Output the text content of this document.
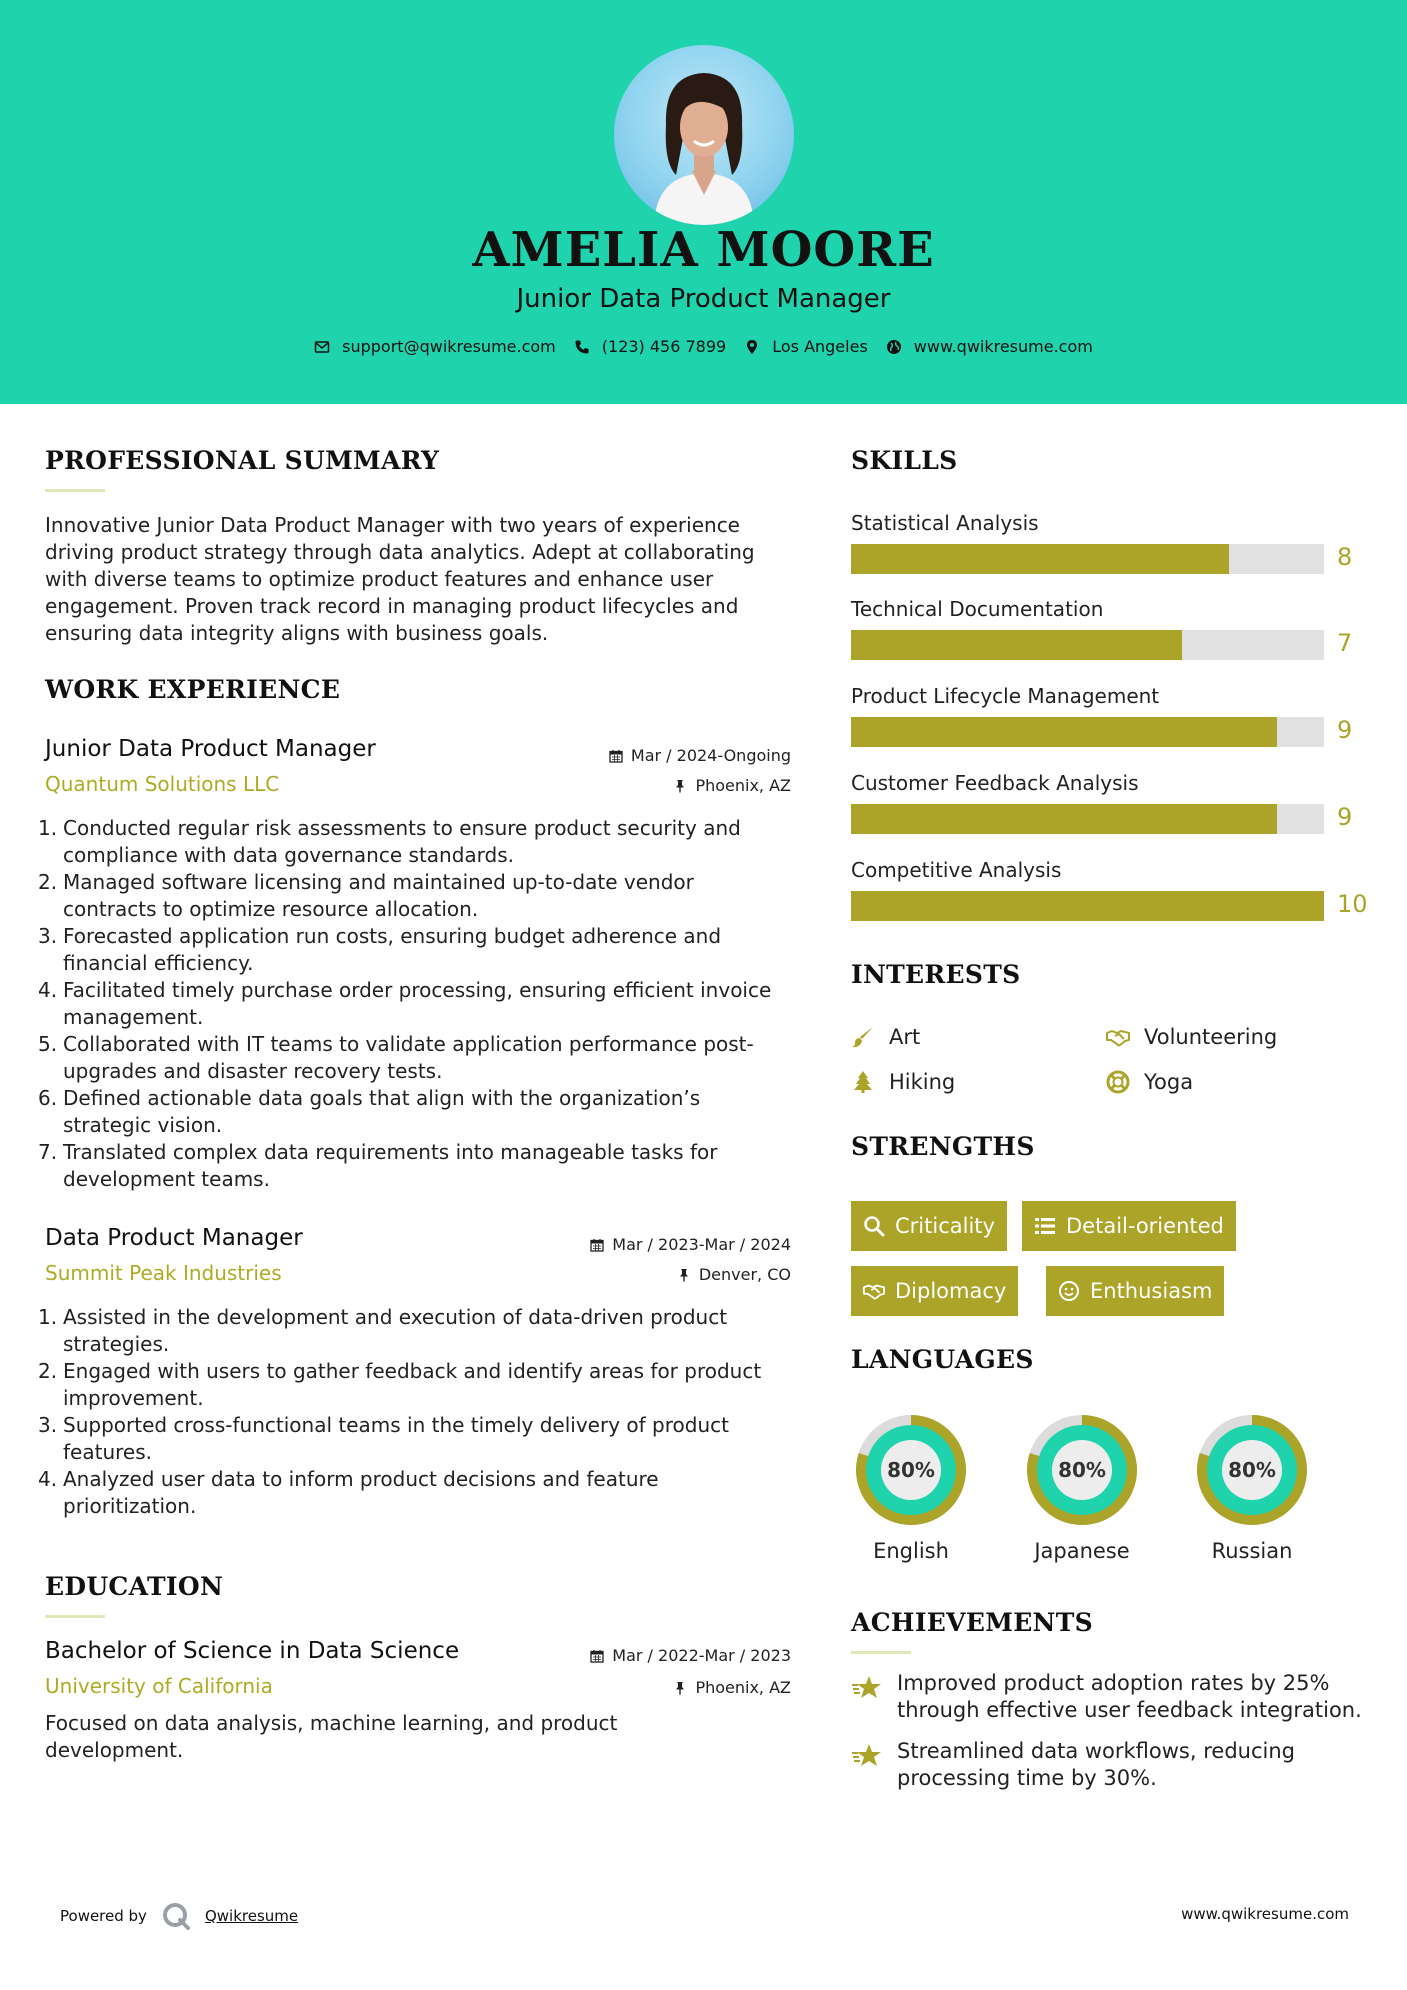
AMELIA MOORE
Junior Data Product Manager
support@qwikresume.com	(123) 456 7899	Los Angeles	www.qwikresume.com
PROFESSIONAL SUMMARY
Innovative Junior Data Product Manager with two years of experience driving product strategy through data analytics. Adept at collaborating with diverse teams to optimize product features and enhance user engagement. Proven track record in managing product lifecycles and ensuring data integrity aligns with business goals.
WORK EXPERIENCE
Junior Data Product Manager	Mar / 2024-Ongoing
Quantum Solutions LLC	Phoenix, AZ
1. Conducted regular risk assessments to ensure product security and compliance with data governance standards.
2. Managed software licensing and maintained up-to-date vendor contracts to optimize resource allocation.
3. Forecasted application run costs, ensuring budget adherence and financial efficiency.
4. Facilitated timely purchase order processing, ensuring efficient invoice management.
5. Collaborated with IT teams to validate application performance post-upgrades and disaster recovery tests.
6. Defined actionable data goals that align with the organization’s strategic vision.
7. Translated complex data requirements into manageable tasks for development teams.
Data Product Manager	Mar / 2023-Mar / 2024
Summit Peak Industries	Denver, CO
1. Assisted in the development and execution of data-driven product strategies.
2. Engaged with users to gather feedback and identify areas for product improvement.
3. Supported cross-functional teams in the timely delivery of product features.
4. Analyzed user data to inform product decisions and feature prioritization.
EDUCATION
Bachelor of Science in Data Science	Mar / 2022-Mar / 2023
University of California	Phoenix, AZ
Focused on data analysis, machine learning, and product development.
SKILLS
Statistical Analysis
8
Technical Documentation
7
Product Lifecycle Management
9
Customer Feedback Analysis
9
Competitive Analysis
10
INTERESTS
Art	Volunteering
Hiking	Yoga
STRENGTHS
Criticality	Detail-oriented
Diplomacy	Enthusiasm
LANGUAGES
80%
English
80%
Japanese
80%
Russian
ACHIEVEMENTS
Improved product adoption rates by 25% through effective user feedback integration.
Streamlined data workflows, reducing processing time by 30%.
Powered by	Qwikresume	www.qwikresume.com
